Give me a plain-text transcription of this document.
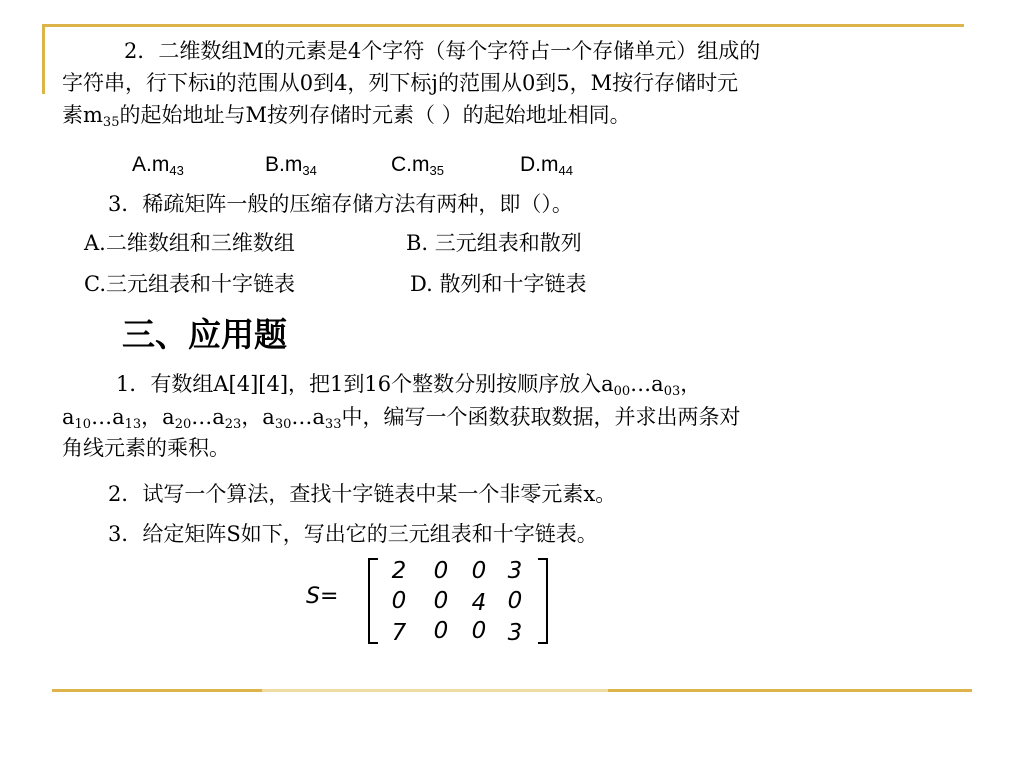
2．二维数组M的元素是4个字符（每个字符占一个存储单元）组成的
字符串，行下标i的范围从0到4，列下标j的范围从0到5，M按行存储时元
素$m_{35}$的起始地址与M按列存储时元素（ ）的起始地址相同。
$A.m_{43}$	$B.m_{34}$	$C.m_{35}$	$D.m_{44}$
3．稀疏矩阵一般的压缩存储方法有两种，即（）。
A.二维数组和三维数组	B. 三元组表和散列
C.三元组表和十字链表	D. 散列和十字链表
三、应用题
1．有数组A[4][4]，把1到16个整数分别按顺序放入$a_{00}\dots a_{03}$，
$a_{10}\dots a_{13}$，$a_{20}\dots a_{23}$，$a_{30}\dots a_{33}$中，编写一个函数获取数据，并求出两条对
角线元素的乘积。
2．试写一个算法，查找十字链表中某一个非零元素x。
3．给定矩阵S如下，写出它的三元组表和十字链表。
S=
2 0 0 3
0 0 4 0
7 0 0 3
